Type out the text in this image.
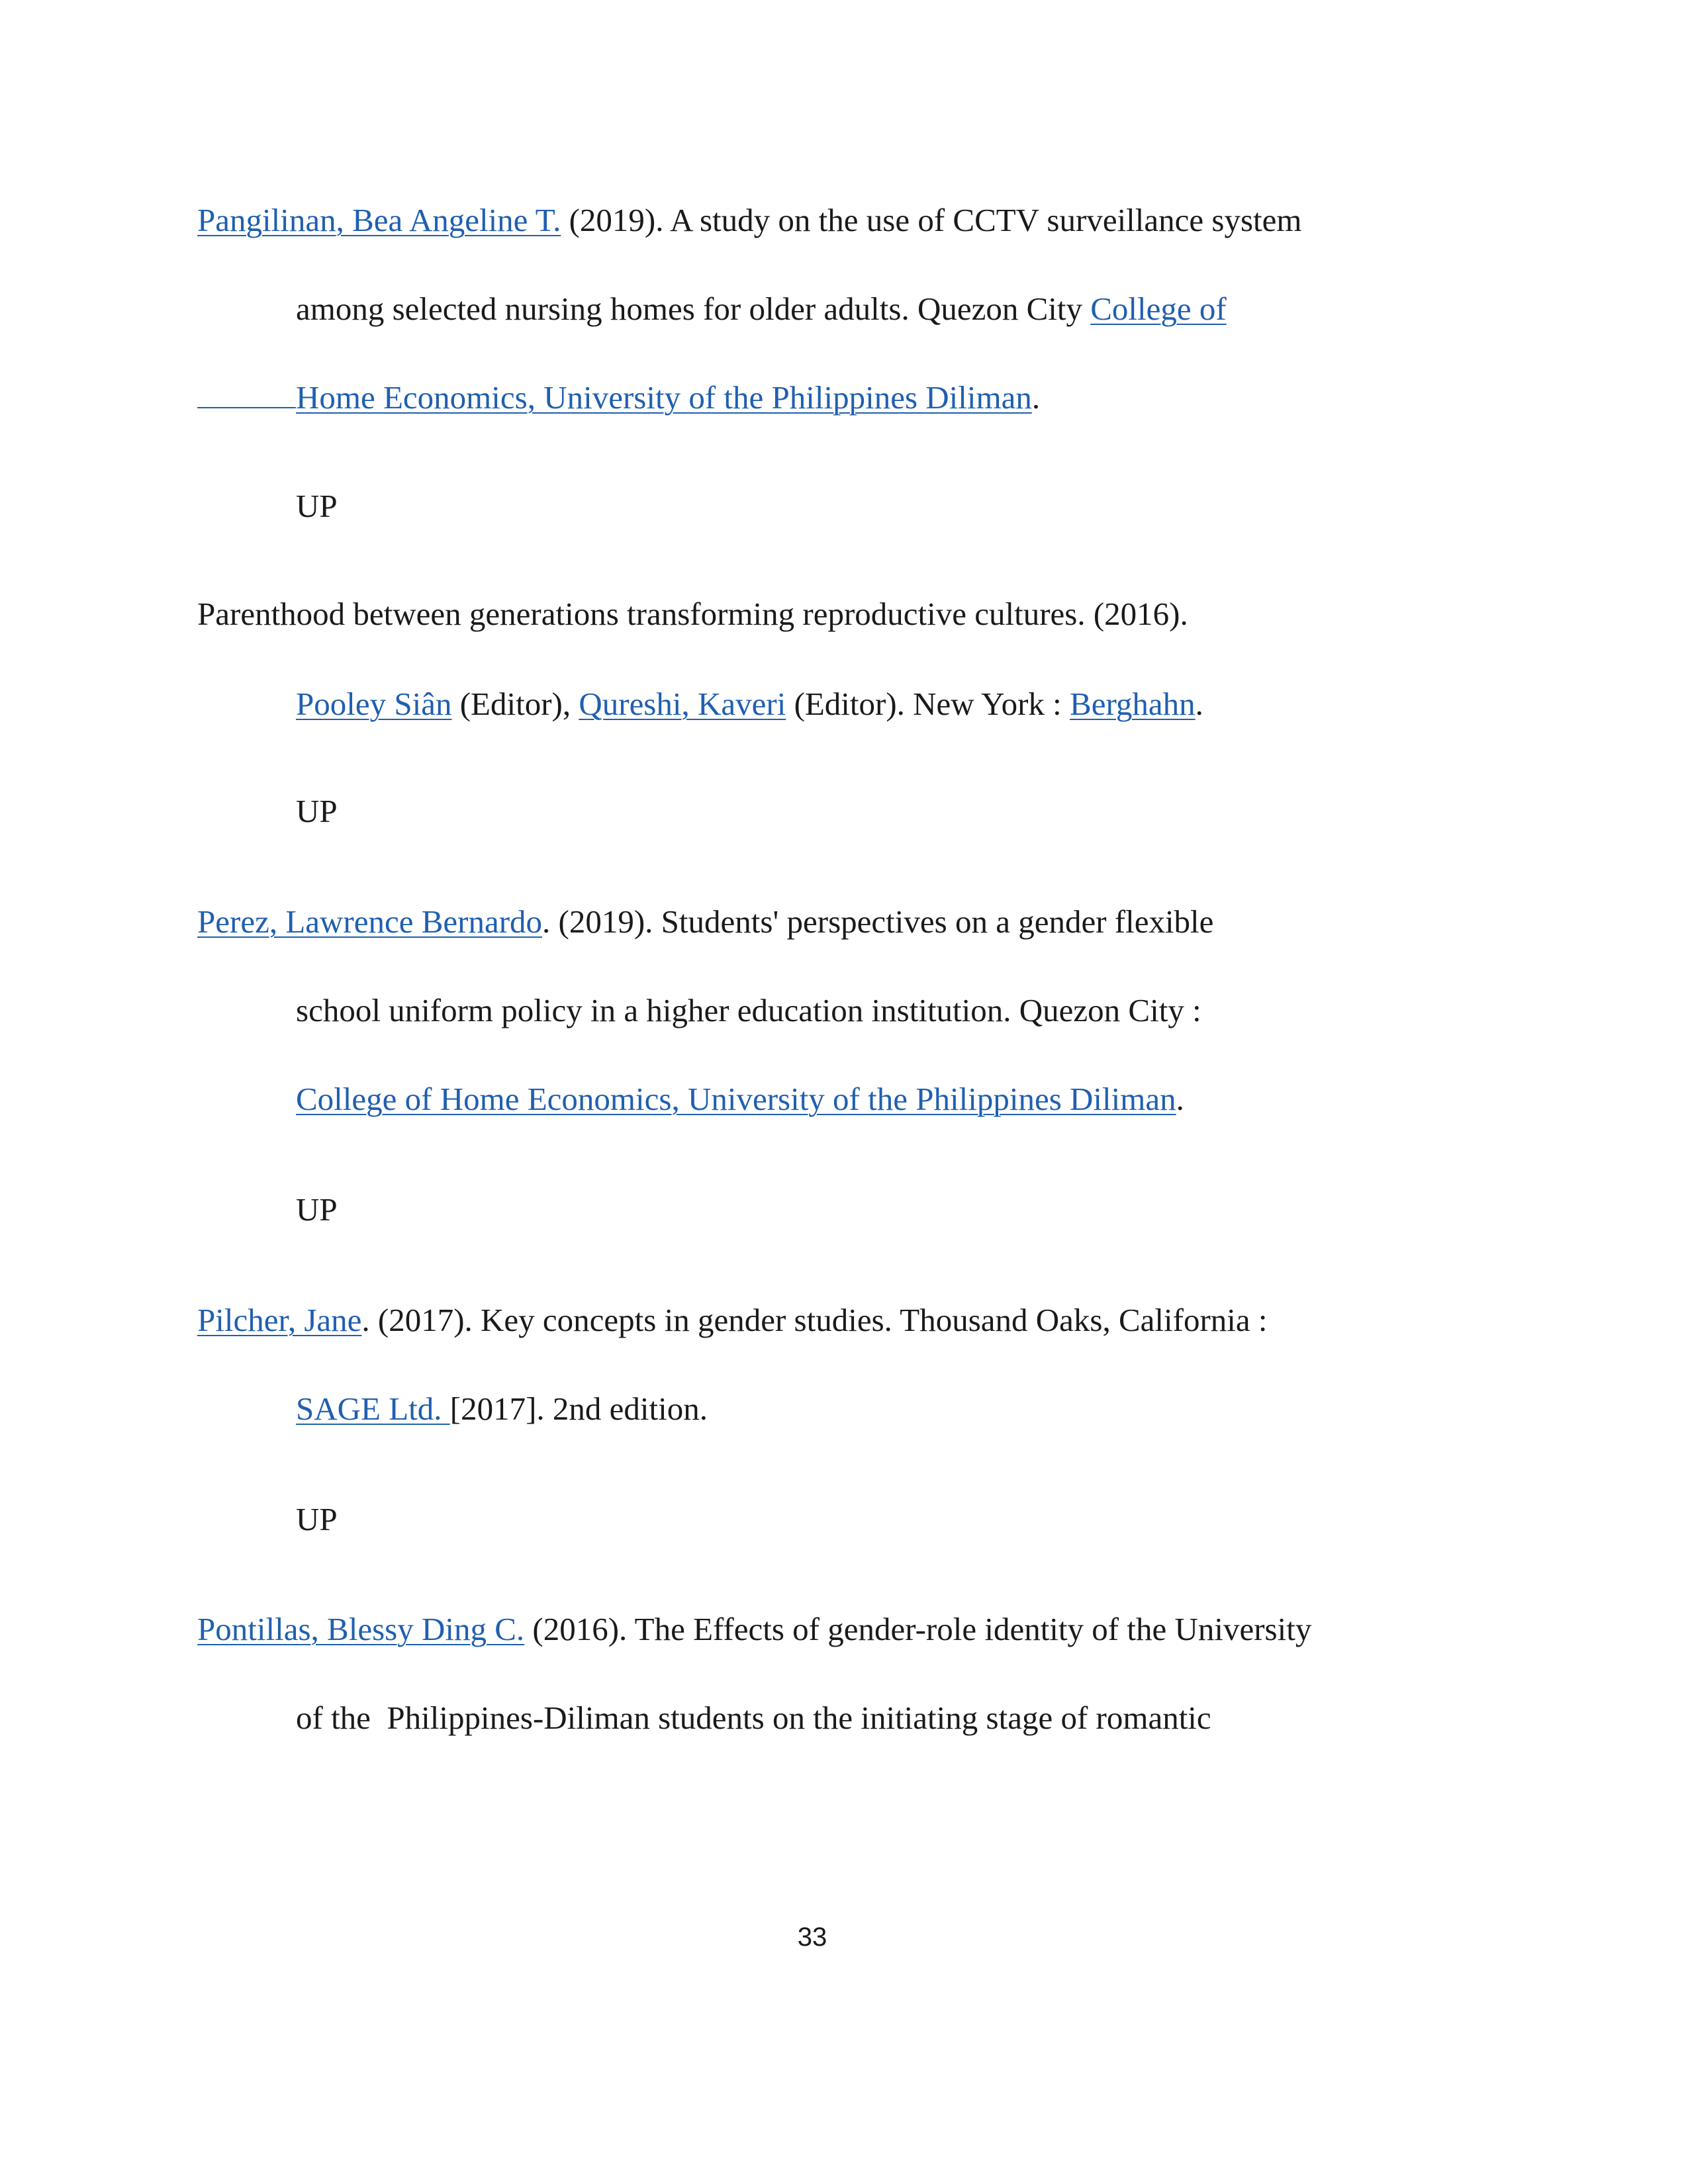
Pangilinan, Bea Angeline T. (2019). A study on the use of CCTV surveillance system
among selected nursing homes for older adults. Quezon City College of
Home Economics, University of the Philippines Diliman.
UP
Parenthood between generations transforming reproductive cultures. (2016).
Pooley Siân (Editor), Qureshi, Kaveri (Editor). New York : Berghahn.
UP
Perez, Lawrence Bernardo. (2019). Students' perspectives on a gender flexible
school uniform policy in a higher education institution. Quezon City :
College of Home Economics, University of the Philippines Diliman.
UP
Pilcher, Jane. (2017). Key concepts in gender studies. Thousand Oaks, California :
SAGE Ltd. [2017]. 2nd edition.
UP
Pontillas, Blessy Ding C. (2016). The Effects of gender-role identity of the University
of the  Philippines-Diliman students on the initiating stage of romantic
33
